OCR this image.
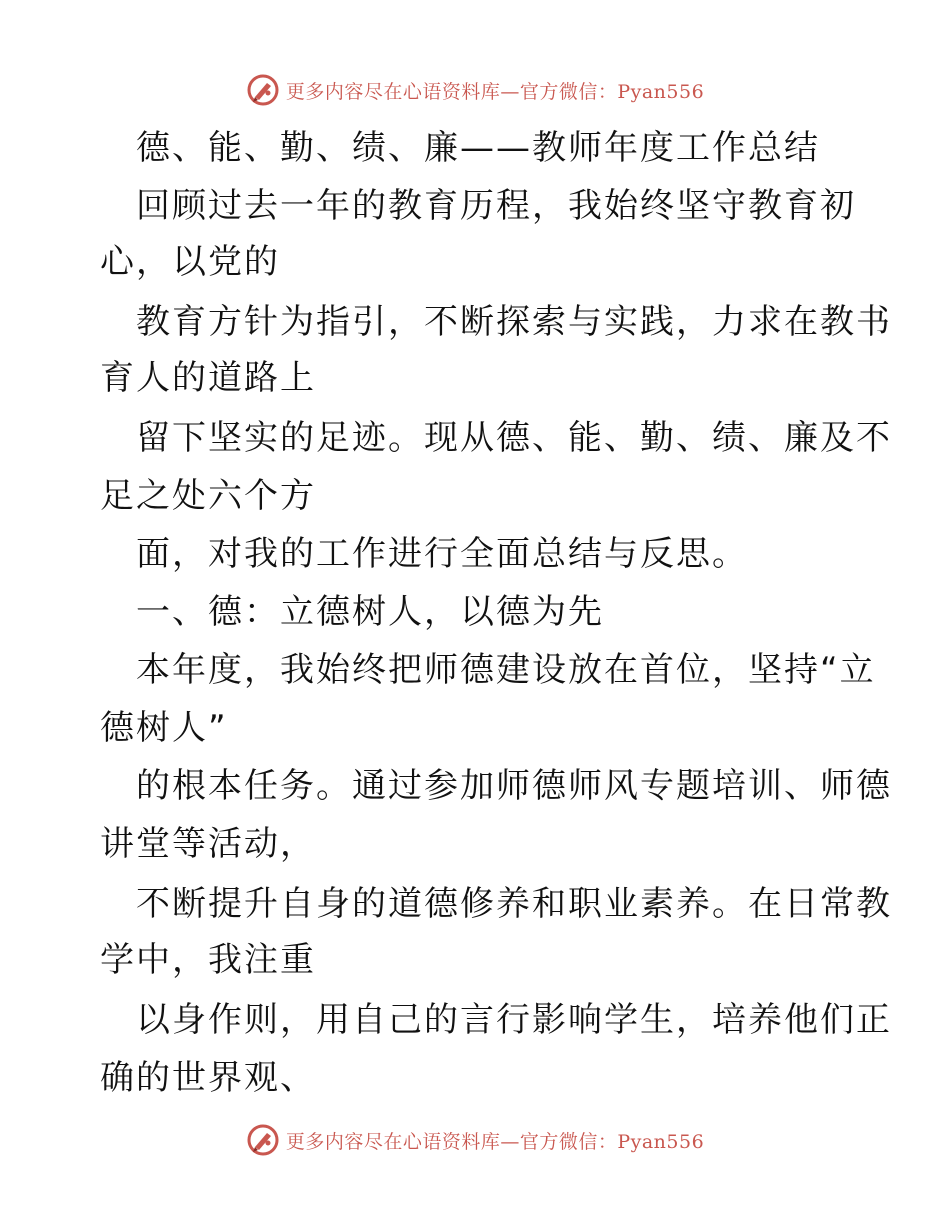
更多内容尽在心语资料库—官方微信：Pyan556
德、能、勤、绩、廉——教师年度工作总结
回顾过去一年的教育历程，我始终坚守教育初
心，以党的
教育方针为指引，不断探索与实践，力求在教书
育人的道路上
留下坚实的足迹。现从德、能、勤、绩、廉及不
足之处六个方
面，对我的工作进行全面总结与反思。
一、德：立德树人，以德为先
本年度，我始终把师德建设放在首位，坚持“立
德树人”
的根本任务。通过参加师德师风专题培训、师德
讲堂等活动，
不断提升自身的道德修养和职业素养。在日常教
学中，我注重
以身作则，用自己的言行影响学生，培养他们正
确的世界观、
更多内容尽在心语资料库—官方微信：Pyan556
